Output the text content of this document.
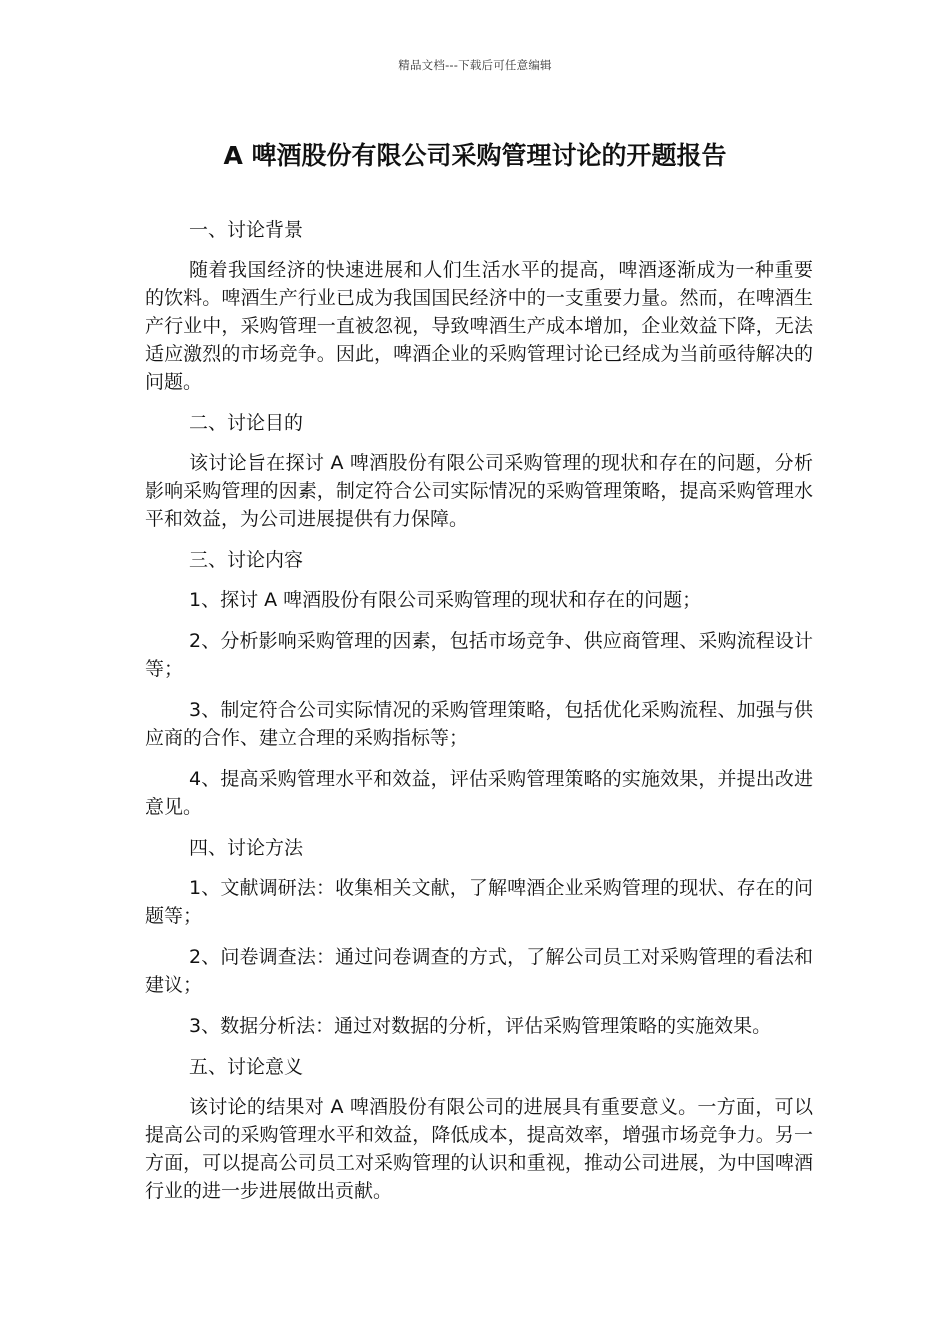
精品文档---下载后可任意编辑
A 啤酒股份有限公司采购管理讨论的开题报告

一、讨论背景

随着我国经济的快速进展和人们生活水平的提高，啤酒逐渐成为一种重要的饮料。啤酒生产行业已成为我国国民经济中的一支重要力量。然而，在啤酒生产行业中，采购管理一直被忽视，导致啤酒生产成本增加，企业效益下降，无法适应激烈的市场竞争。因此，啤酒企业的采购管理讨论已经成为当前亟待解决的问题。

二、讨论目的

该讨论旨在探讨 A 啤酒股份有限公司采购管理的现状和存在的问题，分析影响采购管理的因素，制定符合公司实际情况的采购管理策略，提高采购管理水平和效益，为公司进展提供有力保障。

三、讨论内容

1、探讨 A 啤酒股份有限公司采购管理的现状和存在的问题；

2、分析影响采购管理的因素，包括市场竞争、供应商管理、采购流程设计等；

3、制定符合公司实际情况的采购管理策略，包括优化采购流程、加强与供应商的合作、建立合理的采购指标等；

4、提高采购管理水平和效益，评估采购管理策略的实施效果，并提出改进意见。

四、讨论方法

1、文献调研法：收集相关文献，了解啤酒企业采购管理的现状、存在的问题等；

2、问卷调查法：通过问卷调查的方式，了解公司员工对采购管理的看法和建议；

3、数据分析法：通过对数据的分析，评估采购管理策略的实施效果。

五、讨论意义

该讨论的结果对 A 啤酒股份有限公司的进展具有重要意义。一方面，可以提高公司的采购管理水平和效益，降低成本，提高效率，增强市场竞争力。另一方面，可以提高公司员工对采购管理的认识和重视，推动公司进展，为中国啤酒行业的进一步进展做出贡献。
